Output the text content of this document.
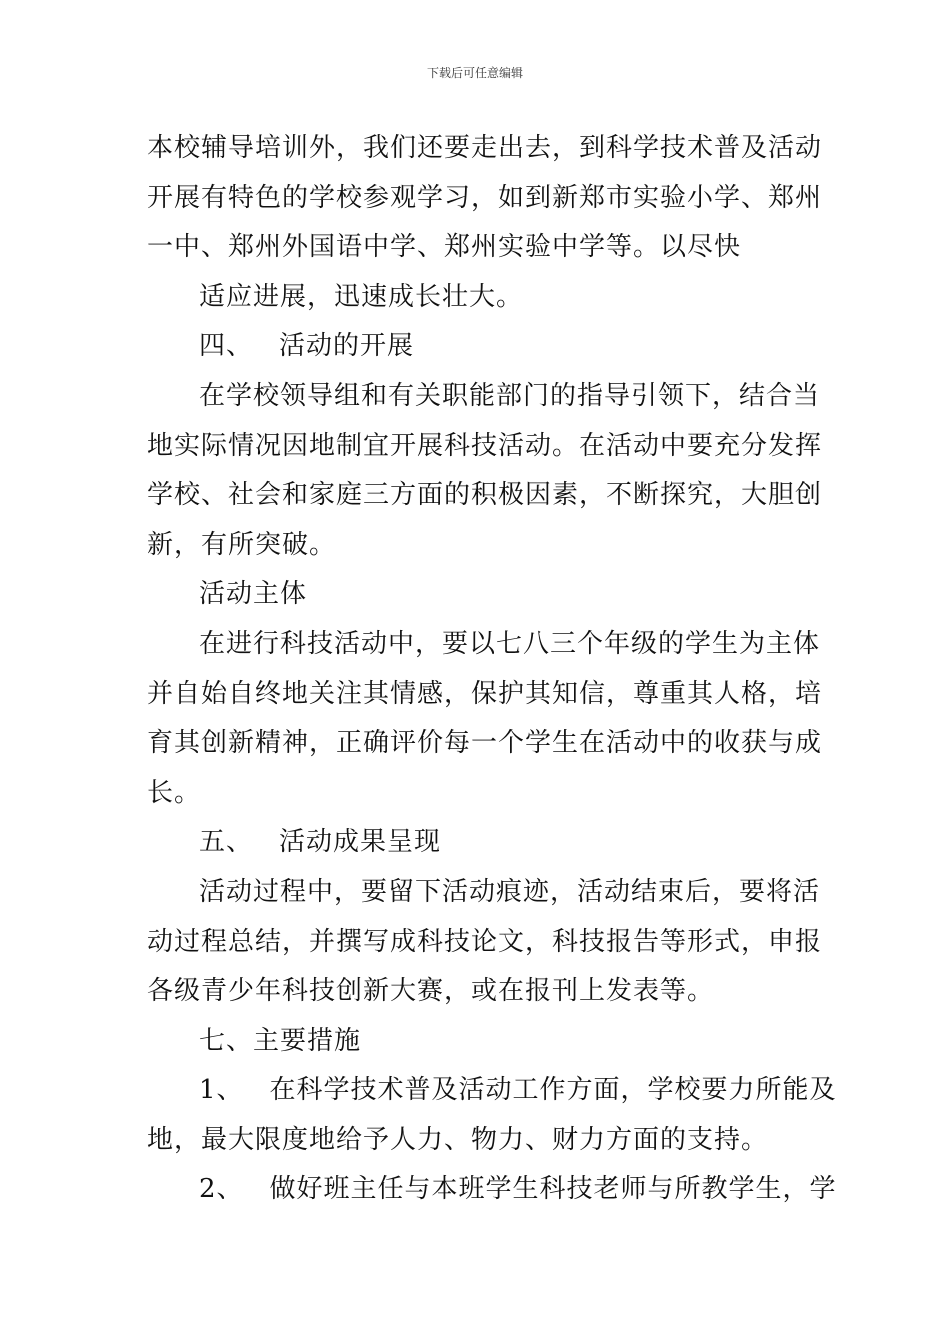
下载后可任意编辑

本校辅导培训外，我们还要走出去，到科学技术普及活动

开展有特色的学校参观学习，如到新郑市实验小学、郑州

一中、郑州外国语中学、郑州实验中学等。以尽快

适应进展，迅速成长壮大。

四、 活动的开展

在学校领导组和有关职能部门的指导引领下，结合当

地实际情况因地制宜开展科技活动。在活动中要充分发挥

学校、社会和家庭三方面的积极因素，不断探究，大胆创

新，有所突破。

活动主体

在进行科技活动中，要以七八三个年级的学生为主体

并自始自终地关注其情感，保护其知信，尊重其人格，培

育其创新精神，正确评价每一个学生在活动中的收获与成

长。

五、 活动成果呈现

活动过程中，要留下活动痕迹，活动结束后，要将活

动过程总结，并撰写成科技论文，科技报告等形式，申报

各级青少年科技创新大赛，或在报刊上发表等。

七、主要措施

1、 在科学技术普及活动工作方面，学校要力所能及

地，最大限度地给予人力、物力、财力方面的支持。

2、 做好班主任与本班学生科技老师与所教学生，学
